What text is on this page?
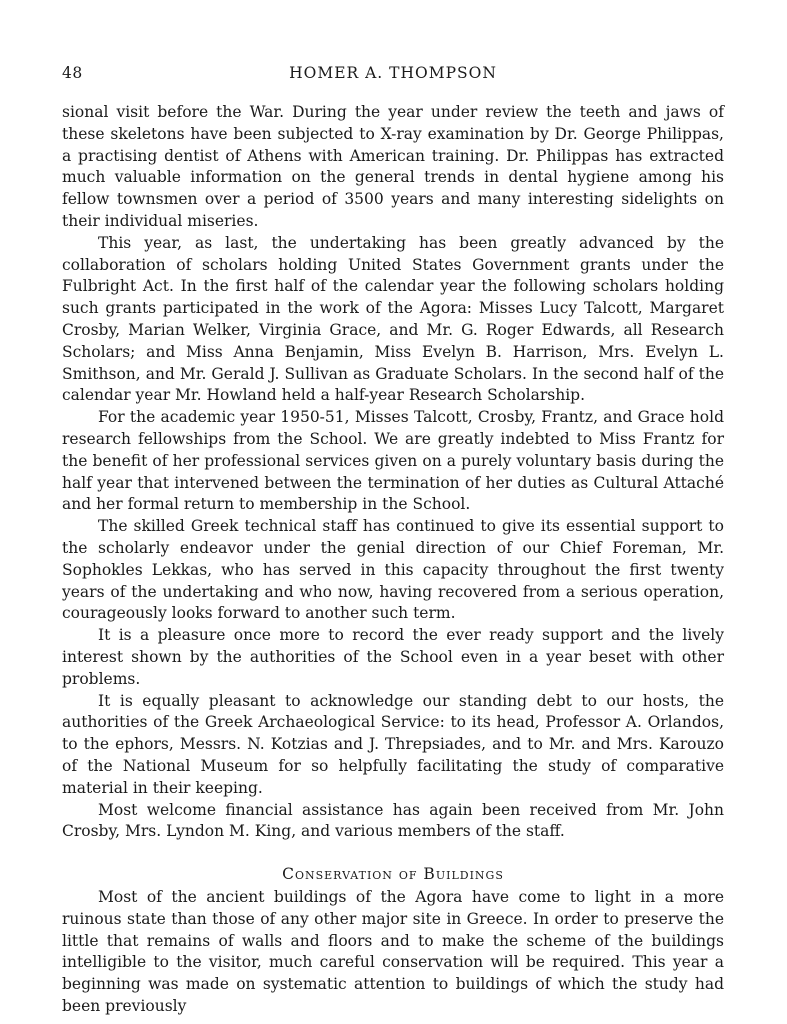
48	HOMER A. THOMPSON

sional visit before the War. During the year under review the teeth and jaws of these skeletons have been subjected to X-ray examination by Dr. George Philippas, a practising dentist of Athens with American training. Dr. Philippas has extracted much valuable information on the general trends in dental hygiene among his fellow townsmen over a period of 3500 years and many interesting sidelights on their individual miseries.

This year, as last, the undertaking has been greatly advanced by the collaboration of scholars holding United States Government grants under the Fulbright Act. In the first half of the calendar year the following scholars holding such grants participated in the work of the Agora: Misses Lucy Talcott, Margaret Crosby, Marian Welker, Virginia Grace, and Mr. G. Roger Edwards, all Research Scholars; and Miss Anna Benjamin, Miss Evelyn B. Harrison, Mrs. Evelyn L. Smithson, and Mr. Gerald J. Sullivan as Graduate Scholars. In the second half of the calendar year Mr. Howland held a half-year Research Scholarship.

For the academic year 1950-51, Misses Talcott, Crosby, Frantz, and Grace hold research fellowships from the School. We are greatly indebted to Miss Frantz for the benefit of her professional services given on a purely voluntary basis during the half year that intervened between the termination of her duties as Cultural Attaché and her formal return to membership in the School.

The skilled Greek technical staff has continued to give its essential support to the scholarly endeavor under the genial direction of our Chief Foreman, Mr. Sophokles Lekkas, who has served in this capacity throughout the first twenty years of the undertaking and who now, having recovered from a serious operation, courageously looks forward to another such term.

It is a pleasure once more to record the ever ready support and the lively interest shown by the authorities of the School even in a year beset with other problems.

It is equally pleasant to acknowledge our standing debt to our hosts, the authorities of the Greek Archaeological Service: to its head, Professor A. Orlandos, to the ephors, Messrs. N. Kotzias and J. Threpsiades, and to Mr. and Mrs. Karouzo of the National Museum for so helpfully facilitating the study of comparative material in their keeping.

Most welcome financial assistance has again been received from Mr. John Crosby, Mrs. Lyndon M. King, and various members of the staff.

Conservation of Buildings

Most of the ancient buildings of the Agora have come to light in a more ruinous state than those of any other major site in Greece. In order to preserve the little that remains of walls and floors and to make the scheme of the buildings intelligible to the visitor, much careful conservation will be required. This year a beginning was made on systematic attention to buildings of which the study had been previously
